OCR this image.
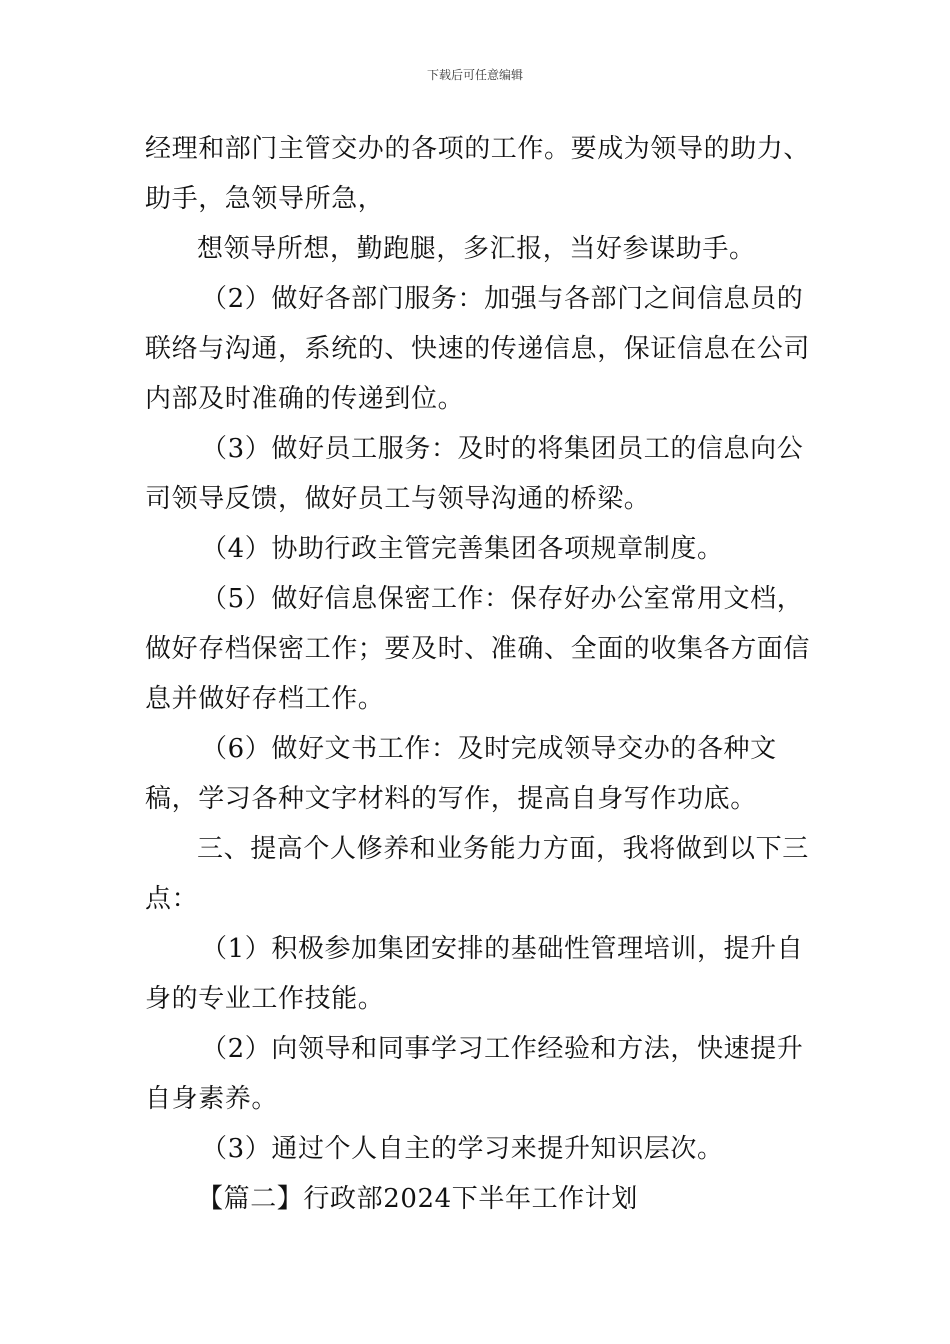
下载后可任意编辑

经理和部门主管交办的各项的工作。要成为领导的助力、助手，急领导所急，

想领导所想，勤跑腿，多汇报，当好参谋助手。

（2）做好各部门服务：加强与各部门之间信息员的联络与沟通，系统的、快速的传递信息，保证信息在公司内部及时准确的传递到位。

（3）做好员工服务：及时的将集团员工的信息向公司领导反馈，做好员工与领导沟通的桥梁。

（4）协助行政主管完善集团各项规章制度。

（5）做好信息保密工作：保存好办公室常用文档，做好存档保密工作；要及时、准确、全面的收集各方面信息并做好存档工作。

（6）做好文书工作：及时完成领导交办的各种文稿，学习各种文字材料的写作，提高自身写作功底。

三、提高个人修养和业务能力方面，我将做到以下三点：

（1）积极参加集团安排的基础性管理培训，提升自身的专业工作技能。

（2）向领导和同事学习工作经验和方法，快速提升自身素养。

（3）通过个人自主的学习来提升知识层次。

【篇二】行政部2024下半年工作计划
